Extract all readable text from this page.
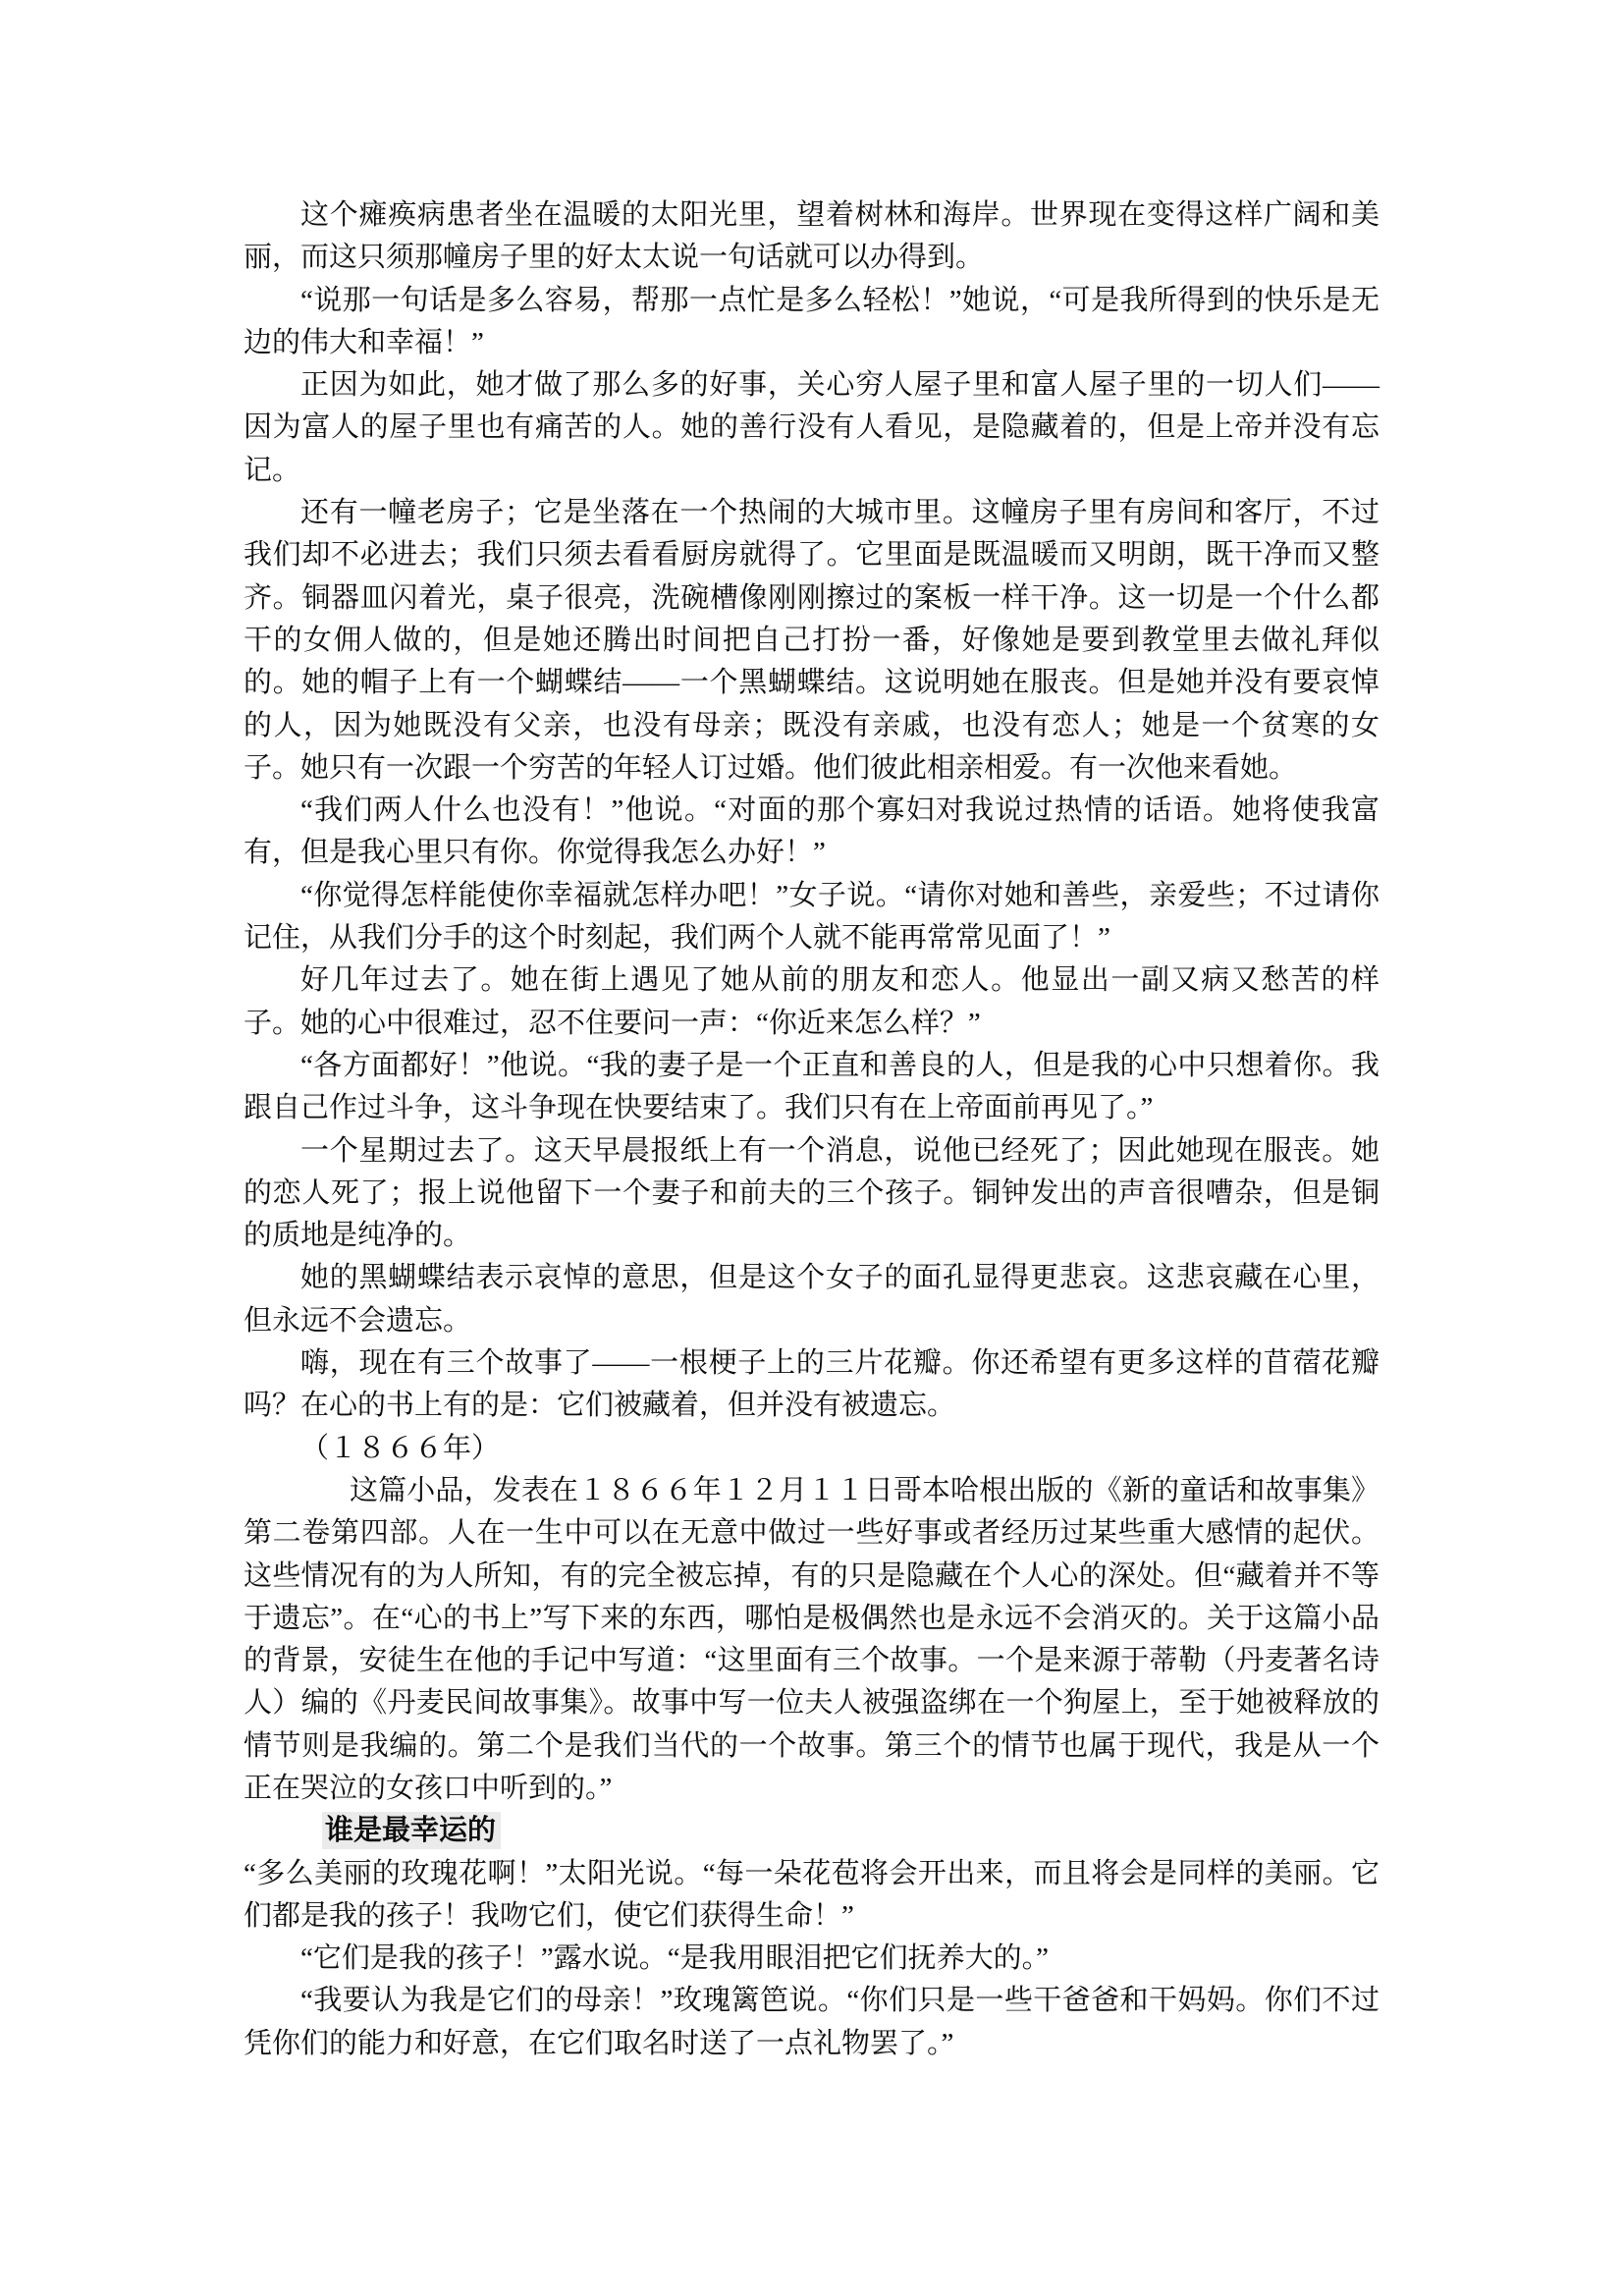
这个瘫痪病患者坐在温暖的太阳光里，望着树林和海岸。世界现在变得这样广阔和美丽，而这只须那幢房子里的好太太说一句话就可以办得到。

“说那一句话是多么容易，帮那一点忙是多么轻松！”她说，“可是我所得到的快乐是无边的伟大和幸福！”

正因为如此，她才做了那么多的好事，关心穷人屋子里和富人屋子里的一切人们——因为富人的屋子里也有痛苦的人。她的善行没有人看见，是隐藏着的，但是上帝并没有忘记。

还有一幢老房子；它是坐落在一个热闹的大城市里。这幢房子里有房间和客厅，不过我们却不必进去；我们只须去看看厨房就得了。它里面是既温暖而又明朗，既干净而又整齐。铜器皿闪着光，桌子很亮，洗碗槽像刚刚擦过的案板一样干净。这一切是一个什么都干的女佣人做的，但是她还腾出时间把自己打扮一番，好像她是要到教堂里去做礼拜似的。她的帽子上有一个蝴蝶结——一个黑蝴蝶结。这说明她在服丧。但是她并没有要哀悼的人，因为她既没有父亲，也没有母亲；既没有亲戚，也没有恋人；她是一个贫寒的女子。她只有一次跟一个穷苦的年轻人订过婚。他们彼此相亲相爱。有一次他来看她。

“我们两人什么也没有！”他说。“对面的那个寡妇对我说过热情的话语。她将使我富有，但是我心里只有你。你觉得我怎么办好！”

“你觉得怎样能使你幸福就怎样办吧！”女子说。“请你对她和善些，亲爱些；不过请你记住，从我们分手的这个时刻起，我们两个人就不能再常常见面了！”

好几年过去了。她在街上遇见了她从前的朋友和恋人。他显出一副又病又愁苦的样子。她的心中很难过，忍不住要问一声：“你近来怎么样？”

“各方面都好！”他说。“我的妻子是一个正直和善良的人，但是我的心中只想着你。我跟自己作过斗争，这斗争现在快要结束了。我们只有在上帝面前再见了。”

一个星期过去了。这天早晨报纸上有一个消息，说他已经死了；因此她现在服丧。她的恋人死了；报上说他留下一个妻子和前夫的三个孩子。铜钟发出的声音很嘈杂，但是铜的质地是纯净的。

她的黑蝴蝶结表示哀悼的意思，但是这个女子的面孔显得更悲哀。这悲哀藏在心里，但永远不会遗忘。

嗨，现在有三个故事了——一根梗子上的三片花瓣。你还希望有更多这样的苜蓿花瓣吗？在心的书上有的是：它们被藏着，但并没有被遗忘。

（１８６６年）

这篇小品，发表在１８６６年１２月１１日哥本哈根出版的《新的童话和故事集》第二卷第四部。人在一生中可以在无意中做过一些好事或者经历过某些重大感情的起伏。这些情况有的为人所知，有的完全被忘掉，有的只是隐藏在个人心的深处。但“藏着并不等于遗忘”。在“心的书上”写下来的东西，哪怕是极偶然也是永远不会消灭的。关于这篇小品的背景，安徒生在他的手记中写道：“这里面有三个故事。一个是来源于蒂勒（丹麦著名诗人）编的《丹麦民间故事集》。故事中写一位夫人被强盗绑在一个狗屋上，至于她被释放的情节则是我编的。第二个是我们当代的一个故事。第三个的情节也属于现代，我是从一个正在哭泣的女孩口中听到的。”

谁是最幸运的

“多么美丽的玫瑰花啊！”太阳光说。“每一朵花苞将会开出来，而且将会是同样的美丽。它们都是我的孩子！我吻它们，使它们获得生命！”

“它们是我的孩子！”露水说。“是我用眼泪把它们抚养大的。”

“我要认为我是它们的母亲！”玫瑰篱笆说。“你们只是一些干爸爸和干妈妈。你们不过凭你们的能力和好意，在它们取名时送了一点礼物罢了。”
